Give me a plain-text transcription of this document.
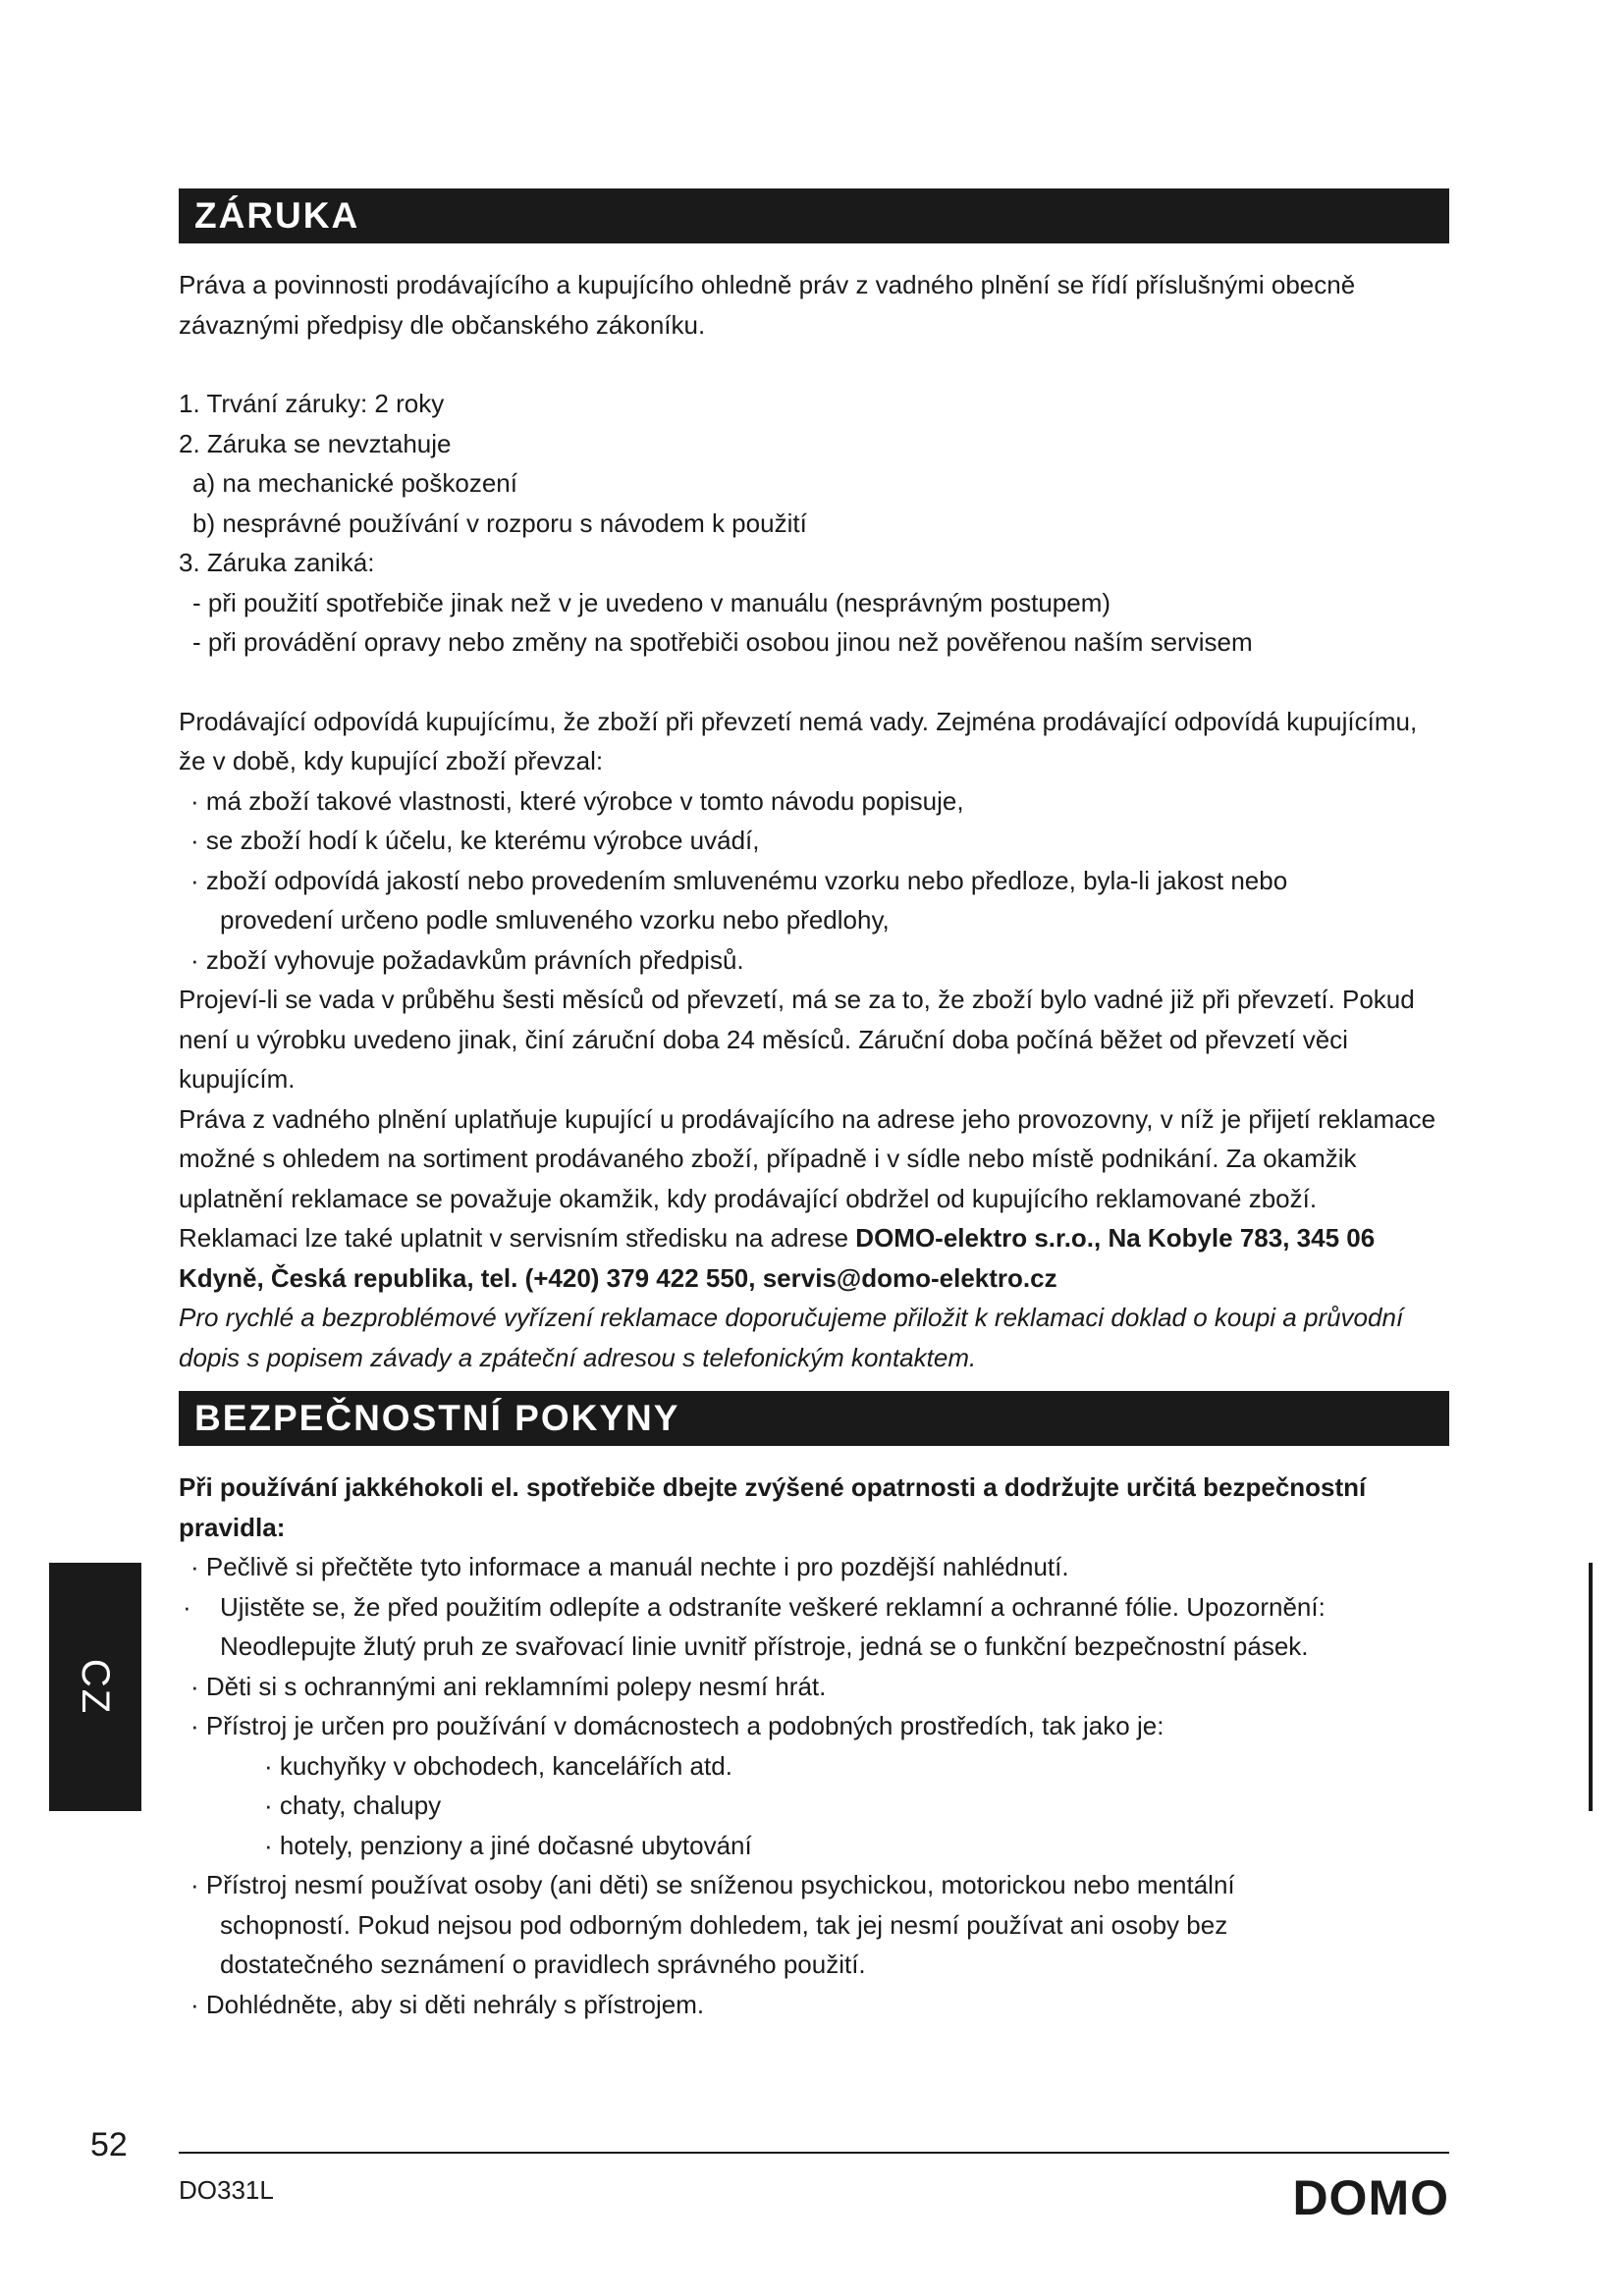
ZÁRUKA

Práva a povinnosti prodávajícího a kupujícího ohledně práv z vadného plnění se řídí příslušnými obecně závaznými předpisy dle občanského zákoníku.

1. Trvání záruky: 2 roky

2. Záruka se nevztahuje

a) na mechanické poškození

b) nesprávné používání v rozporu s návodem k použití

3. Záruka zaniká:

- při použití spotřebiče jinak než v je uvedeno v manuálu (nesprávným postupem)

- při provádění opravy nebo změny na spotřebiči osobou jinou než pověřenou naším servisem

Prodávající odpovídá kupujícímu, že zboží při převzetí nemá vady. Zejména prodávající odpovídá kupujícímu, že v době, kdy kupující zboží převzal:

· má zboží takové vlastnosti, které výrobce v tomto návodu popisuje,

· se zboží hodí k účelu, ke kterému výrobce uvádí,

· zboží odpovídá jakostí nebo provedením smluvenému vzorku nebo předloze, byla-li jakost nebo

provedení určeno podle smluveného vzorku nebo předlohy,

· zboží vyhovuje požadavkům právních předpisů.

Projeví-li se vada v průběhu šesti měsíců od převzetí, má se za to, že zboží bylo vadné již při převzetí. Pokud není u výrobku uvedeno jinak, činí záruční doba 24 měsíců. Záruční doba počíná běžet od převzetí věci kupujícím.

Práva z vadného plnění uplatňuje kupující u prodávajícího na adrese jeho provozovny, v níž je přijetí reklamace možné s ohledem na sortiment prodávaného zboží, případně i v sídle nebo místě podnikání. Za okamžik uplatnění reklamace se považuje okamžik, kdy prodávající obdržel od kupujícího reklamované zboží.

Reklamaci lze také uplatnit v servisním středisku na adrese DOMO-elektro s.r.o., Na Kobyle 783, 345 06 Kdyně, Česká republika, tel. (+420) 379 422 550, servis@domo-elektro.cz

Pro rychlé a bezproblémové vyřízení reklamace doporučujeme přiložit k reklamaci doklad o koupi a průvodní dopis s popisem závady a zpáteční adresou s telefonickým kontaktem.

BEZPEČNOSTNÍ POKYNY

Při používání jakkéhokoli el. spotřebiče dbejte zvýšené opatrnosti a dodržujte určitá bezpečnostní pravidla:

· Pečlivě si přečtěte tyto informace a manuál nechte i pro pozdější nahlédnutí.

· Ujistěte se, že před použitím odlepíte a odstraníte veškeré reklamní a ochranné fólie. Upozornění:

Neodlepujte žlutý pruh ze svařovací linie uvnitř přístroje, jedná se o funkční bezpečnostní pásek.

· Děti si s ochrannými ani reklamními polepy nesmí hrát.

· Přístroj je určen pro používání v domácnostech a podobných prostředích, tak jako je:

· kuchyňky v obchodech, kancelářích atd.

· chaty, chalupy

· hotely, penziony a jiné dočasné ubytování

· Přístroj nesmí používat osoby (ani děti) se sníženou psychickou, motorickou nebo mentální

schopností. Pokud nejsou pod odborným dohledem, tak jej nesmí používat ani osoby bez

dostatečného seznámení o pravidlech správného použití.

· Dohlédněte, aby si děti nehrály s přístrojem.

CZ
52
DO331L	DOMO
